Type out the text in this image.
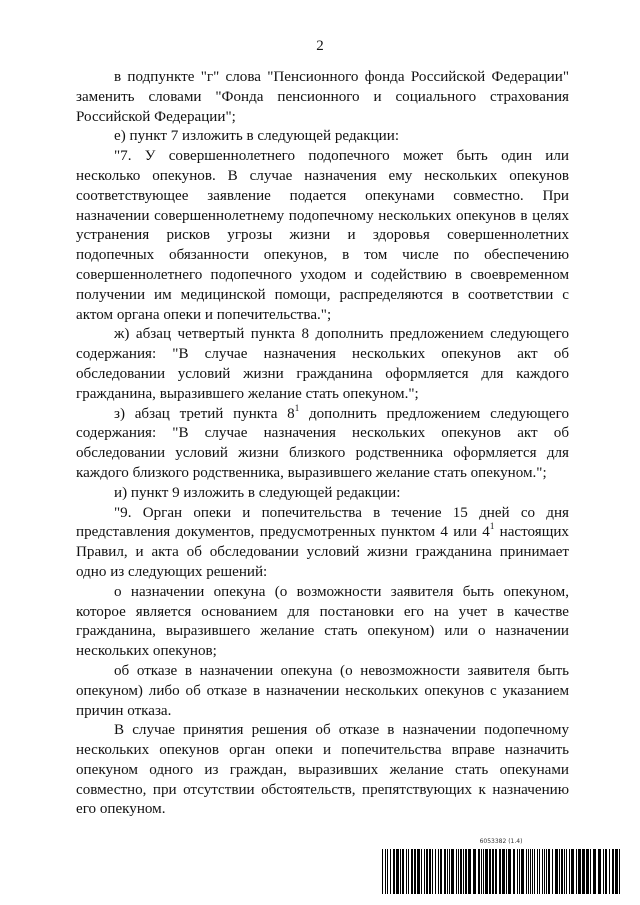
2

в подпункте "г" слова "Пенсионного фонда Российской Федерации" заменить словами "Фонда пенсионного и социального страхования Российской Федерации";

е) пункт 7 изложить в следующей редакции:

"7. У совершеннолетнего подопечного может быть один или несколько опекунов. В случае назначения ему нескольких опекунов соответствующее заявление подается опекунами совместно. При назначении совершеннолетнему подопечному нескольких опекунов в целях устранения рисков угрозы жизни и здоровья совершеннолетних подопечных обязанности опекунов, в том числе по обеспечению совершеннолетнего подопечного уходом и содействию в своевременном получении им медицинской помощи, распределяются в соответствии с актом органа опеки и попечительства.";

ж) абзац четвертый пункта 8 дополнить предложением следующего содержания: "В случае назначения нескольких опекунов акт об обследовании условий жизни гражданина оформляется для каждого гражданина, выразившего желание стать опекуном.";

з) абзац третий пункта $8^1$ дополнить предложением следующего содержания: "В случае назначения нескольких опекунов акт об обследовании условий жизни близкого родственника оформляется для каждого близкого родственника, выразившего желание стать опекуном.";

и) пункт 9 изложить в следующей редакции:

"9. Орган опеки и попечительства в течение 15 дней со дня представления документов, предусмотренных пунктом 4 или $4^1$ настоящих Правил, и акта об обследовании условий жизни гражданина принимает одно из следующих решений:

о назначении опекуна (о возможности заявителя быть опекуном, которое является основанием для постановки его на учет в качестве гражданина, выразившего желание стать опекуном) или о назначении нескольких опекунов;

об отказе в назначении опекуна (о невозможности заявителя быть опекуном) либо об отказе в назначении нескольких опекунов с указанием причин отказа.

В случае принятия решения об отказе в назначении подопечному нескольких опекунов орган опеки и попечительства вправе назначить опекуном одного из граждан, выразивших желание стать опекунами совместно, при отсутствии обстоятельств, препятствующих к назначению его опекуном.

6053382 (1.4)
